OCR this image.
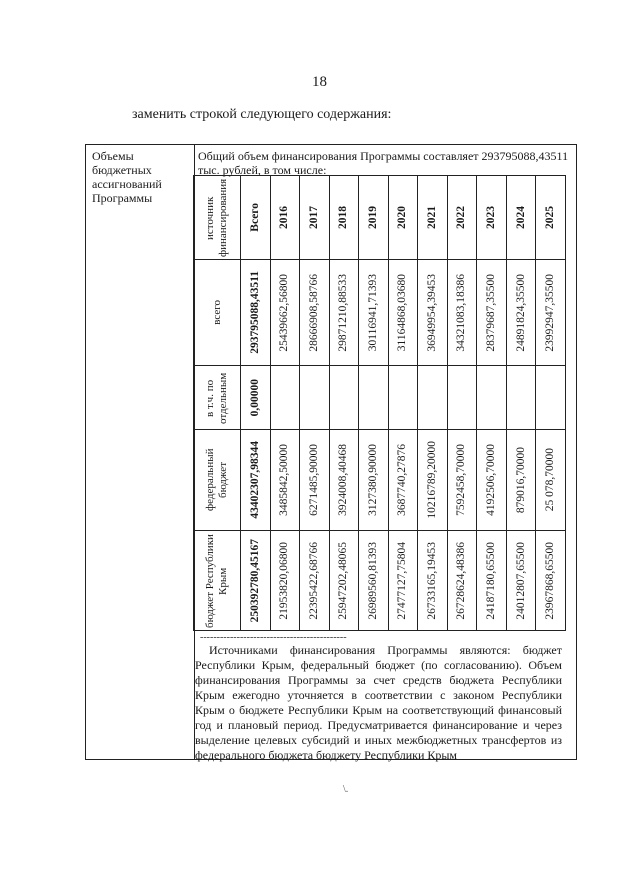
18
заменить строкой следующего содержания:
Объемы
бюджетных
ассигнований
Программы
Общий объем финансирования Программы составляет 293795088,43511 тыс. рублей, в том числе:
источник финансирования	Всего	2016	2017	2018	2019	2020	2021	2022	2023	2024	2025

всего	293795088,43511	25439662,56800	28666908,58766	29871210,88533	30116941,71393	31164868,03680	36949954,39453	34321083,18386	28379687,35500	24891824,35500	23992947,35500

в т.ч. по отдельным	0,00000										

федеральный бюджет	43402307,98344	3485842,50000	6271485,90000	3924008,40468	3127380,90000	3687740,27876	10216789,20000	7592458,70000	4192506,70000	879016,70000	25 078,70000

бюджет Республики Крым	250392780,45167	21953820,06800	22395422,68766	25947202,48065	26989560,81393	27477127,75804	26733165,19453	26728624,48386	24187180,65500	24012807,65500	23967868,65500
--------------------------------------------
Источниками финансирования Программы являются: бюджет Республики Крым, федеральный бюджет (по согласованию). Объем финансирования Программы за счет средств бюджета Республики Крым ежегодно уточняется в соответствии с законом Республики Крым о бюджете Республики Крым на соответствующий финансовый год и плановый период. Предусматривается финансирование и через выделение целевых субсидий и иных межбюджетных трансфертов из федерального бюджета бюджету Республики Крым
\.
